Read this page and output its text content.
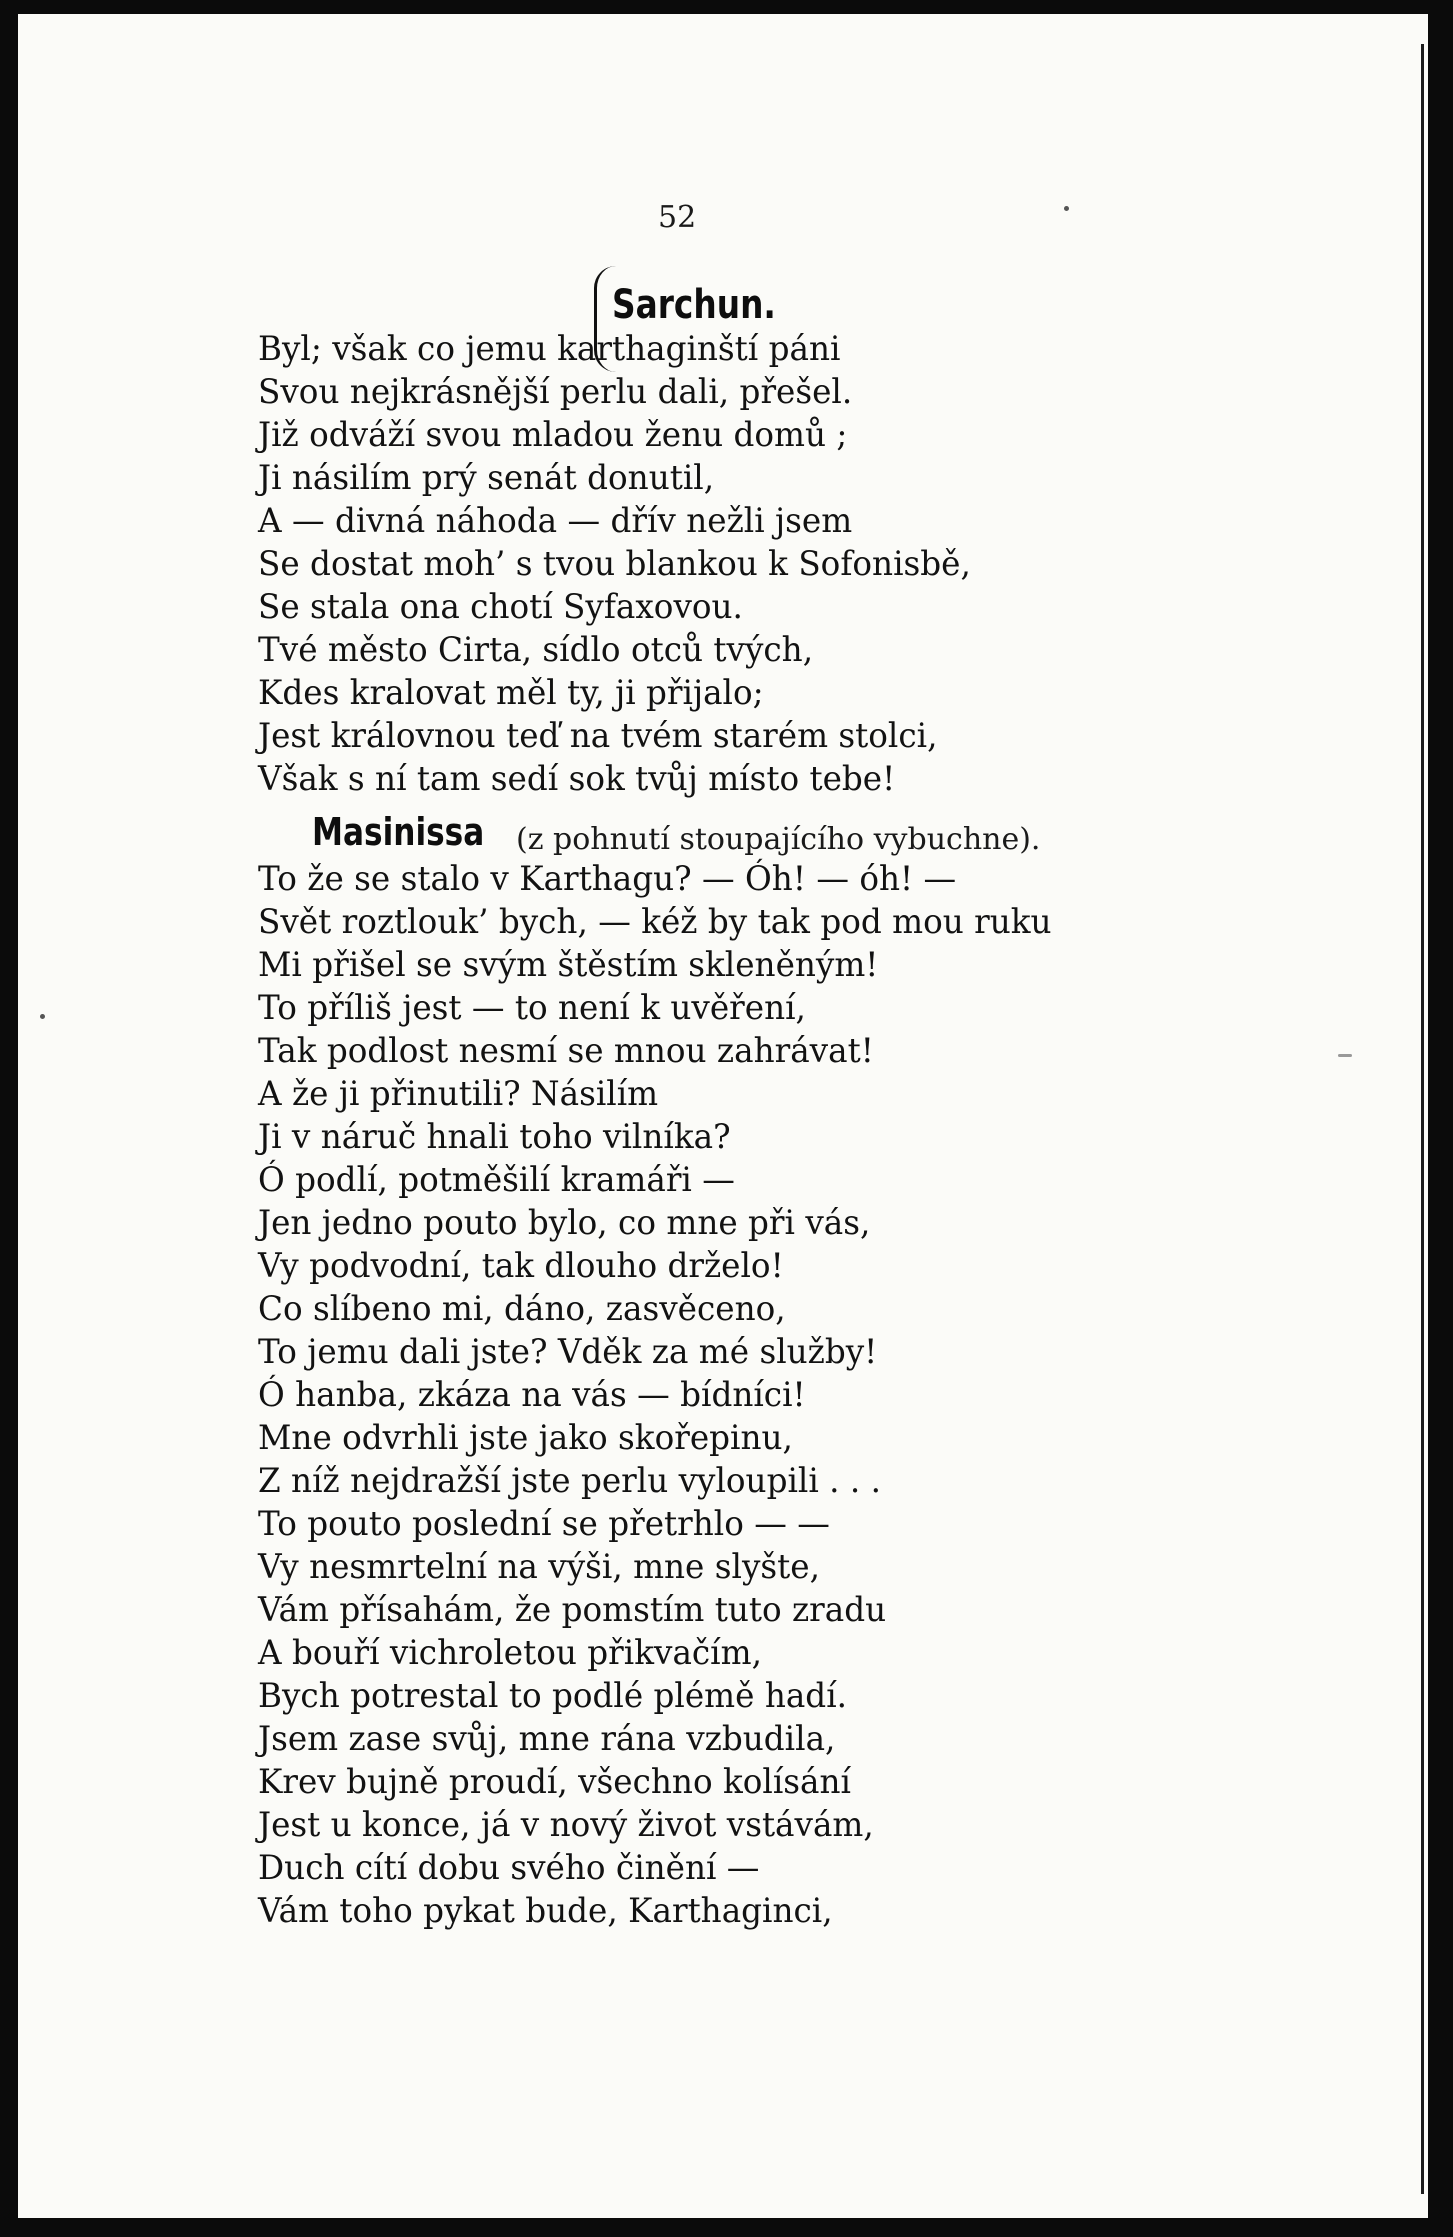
52
Sarchun.
Byl; však co jemu karthaginští páni
Svou nejkrásnější perlu dali, přešel.
Již odváží svou mladou ženu domů ;
Ji násilím prý senát donutil,
A — divná náhoda — dřív nežli jsem
Se dostat moh’ s tvou blankou k Sofonisbě,
Se stala ona chotí Syfaxovou.
Tvé město Cirta, sídlo otců tvých,
Kdes kralovat měl ty, ji přijalo;
Jest královnou teď na tvém starém stolci,
Však s ní tam sedí sok tvůj místo tebe!
Masinissa (z pohnutí stoupajícího vybuchne).
To že se stalo v Karthagu? — Óh! — óh! —
Svět roztlouk’ bych, — kéž by tak pod mou ruku
Mi přišel se svým štěstím skleněným!
To příliš jest — to není k uvěření,
Tak podlost nesmí se mnou zahrávat!
A že ji přinutili? Násilím
Ji v náruč hnali toho vilníka?
Ó podlí, potměšilí kramáři —
Jen jedno pouto bylo, co mne při vás,
Vy podvodní, tak dlouho drželo!
Co slíbeno mi, dáno, zasvěceno,
To jemu dali jste? Vděk za mé služby!
Ó hanba, zkáza na vás — bídníci!
Mne odvrhli jste jako skořepinu,
Z níž nejdražší jste perlu vyloupili . . .
To pouto poslední se přetrhlo — —
Vy nesmrtelní na výši, mne slyšte,
Vám přísahám, že pomstím tuto zradu
A bouří vichroletou přikvačím,
Bych potrestal to podlé plémě hadí.
Jsem zase svůj, mne rána vzbudila,
Krev bujně proudí, všechno kolísání
Jest u konce, já v nový život vstávám,
Duch cítí dobu svého činění —
Vám toho pykat bude, Karthaginci,
